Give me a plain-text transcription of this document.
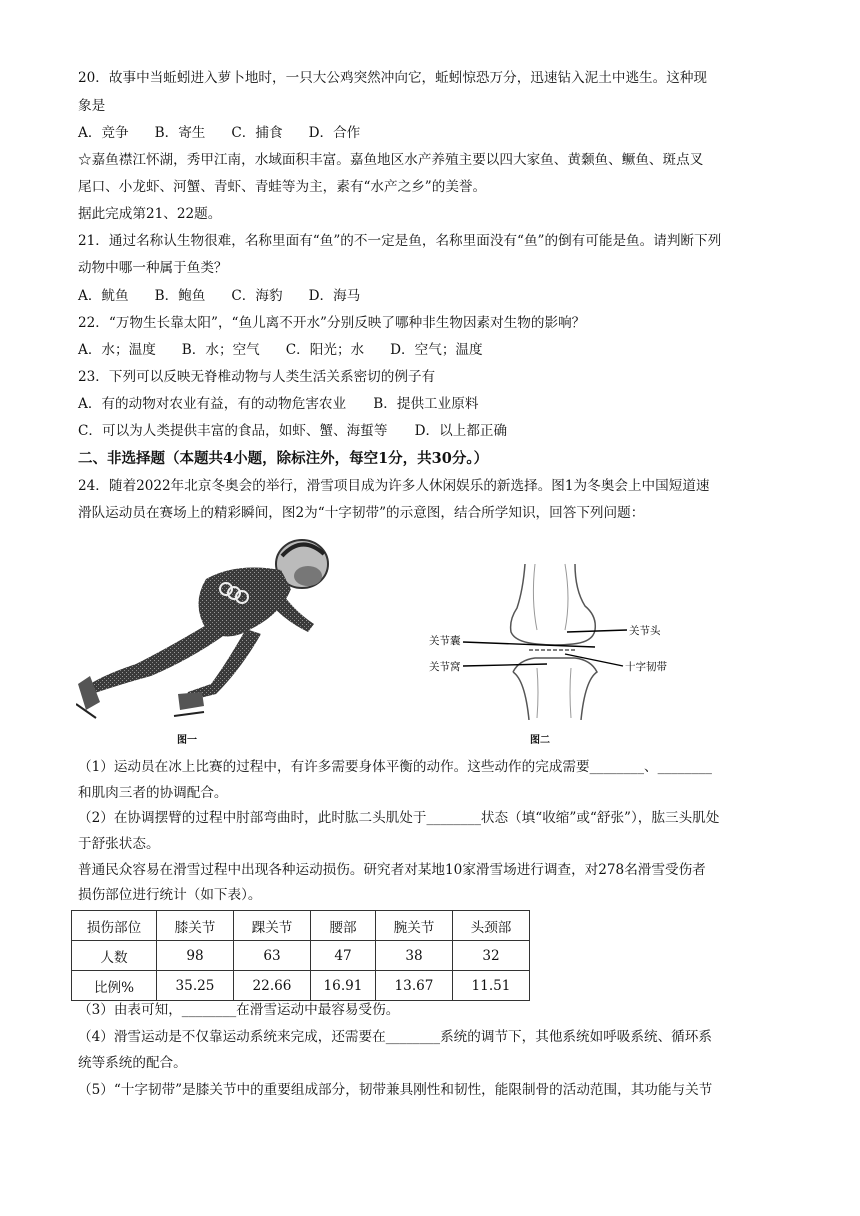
20．故事中当蚯蚓进入萝卜地时，一只大公鸡突然冲向它，蚯蚓惊恐万分，迅速钻入泥土中逃生。这种现
象是
A．竞争 B．寄生 C．捕食 D．合作
☆嘉鱼襟江怀湖，秀甲江南，水域面积丰富。嘉鱼地区水产养殖主要以四大家鱼、黄颡鱼、鳜鱼、斑点叉
尾口、小龙虾、河蟹、青虾、青蛙等为主，素有“水产之乡”的美誉。
据此完成第21、22题。
21．通过名称认生物很难，名称里面有“鱼”的不一定是鱼，名称里面没有“鱼”的倒有可能是鱼。请判断下列
动物中哪一种属于鱼类？
A．鱿鱼 B．鲍鱼 C．海豹 D．海马
22．“万物生长靠太阳”，“鱼儿离不开水”分别反映了哪种非生物因素对生物的影响？
A．水；温度 B．水；空气 C．阳光；水 D．空气；温度
23．下列可以反映无脊椎动物与人类生活关系密切的例子有
A．有的动物对农业有益，有的动物危害农业　　B．提供工业原料
C．可以为人类提供丰富的食品，如虾、蟹、海蜇等　　D．以上都正确
二、非选择题（本题共4小题，除标注外，每空1分，共30分。）
24．随着2022年北京冬奥会的举行，滑雪项目成为许多人休闲娱乐的新选择。图1为冬奥会上中国短道速
滑队运动员在赛场上的精彩瞬间，图2为“十字韧带”的示意图，结合所学知识，回答下列问题：
图一
关节囊
关节窝
关节头
十字韧带
图二
（1）运动员在冰上比赛的过程中，有许多需要身体平衡的动作。这些动作的完成需要________、________
和肌肉三者的协调配合。
（2）在协调摆臂的过程中肘部弯曲时，此时肱二头肌处于________状态（填“收缩”或“舒张”），肱三头肌处
于舒张状态。
普通民众容易在滑雪过程中出现各种运动损伤。研究者对某地10家滑雪场进行调查，对278名滑雪受伤者
损伤部位进行统计（如下表）。
损伤部位	膝关节	踝关节	腰部	腕关节	头颈部
人数	98	63	47	38	32
比例%	35.25	22.66	16.91	13.67	11.51
（3）由表可知，________在滑雪运动中最容易受伤。
（4）滑雪运动是不仅靠运动系统来完成，还需要在________系统的调节下，其他系统如呼吸系统、循环系
统等系统的配合。
（5）“十字韧带”是膝关节中的重要组成部分，韧带兼具刚性和韧性，能限制骨的活动范围，其功能与关节
